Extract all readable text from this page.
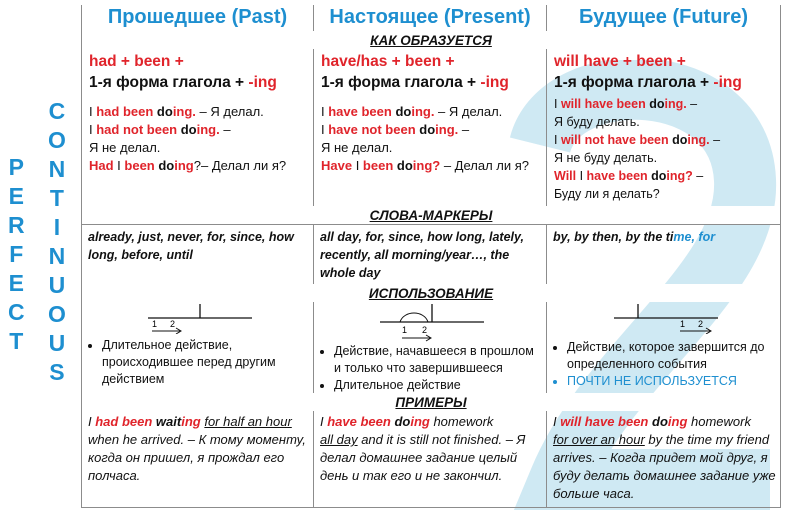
P
E
R
F
E
C
T
C
O
N
T
I
N
U
O
U
S
Прошедшее (Past)	Настоящее (Present)	Будущее (Future)
КАК ОБРАЗУЕТСЯ
СЛОВА-МАРКЕРЫ
ИСПОЛЬЗОВАНИЕ
ПРИМЕРЫ
had + been +
1-я форма глагола + -ing
I had been doing. – Я делал.
I had not been doing. –
Я не делал.
Had I been doing?– Делал ли я?
have/has + been +
1-я форма глагола + -ing
I have been doing. – Я делал.
I have not been doing. –
Я не делал.
Have I been doing? – Делал ли я?
will have + been +
1-я форма глагола + -ing
I will have been doing. –
Я буду делать.
I will not have been doing. –
Я не буду делать.
Will I have been doing? –
Буду ли я делать?
already, just, never, for, since, how long, before, until
all day, for, since, how long, lately, recently, all morning/year…, the whole day
by, by then, by the time, for
1 2
1 2
1 2
• Длительное действие, происходившее перед другим действием
• Действие, начавшееся в прошлом и только что завершившееся
• Длительное действие
• Действие, которое завершится до определенного события
• ПОЧТИ НЕ ИСПОЛЬЗУЕТСЯ
I had been waiting for half an hour when he arrived. – К тому моменту, когда он пришел, я прождал его полчаса.
I have been doing homework
all day and it is still not finished. – Я делал домашнее задание целый день и так его и не закончил.
I will have been doing homework
for over an hour by the time my friend arrives. – Когда придет мой друг, я буду делать домашнее задание уже больше часа.
